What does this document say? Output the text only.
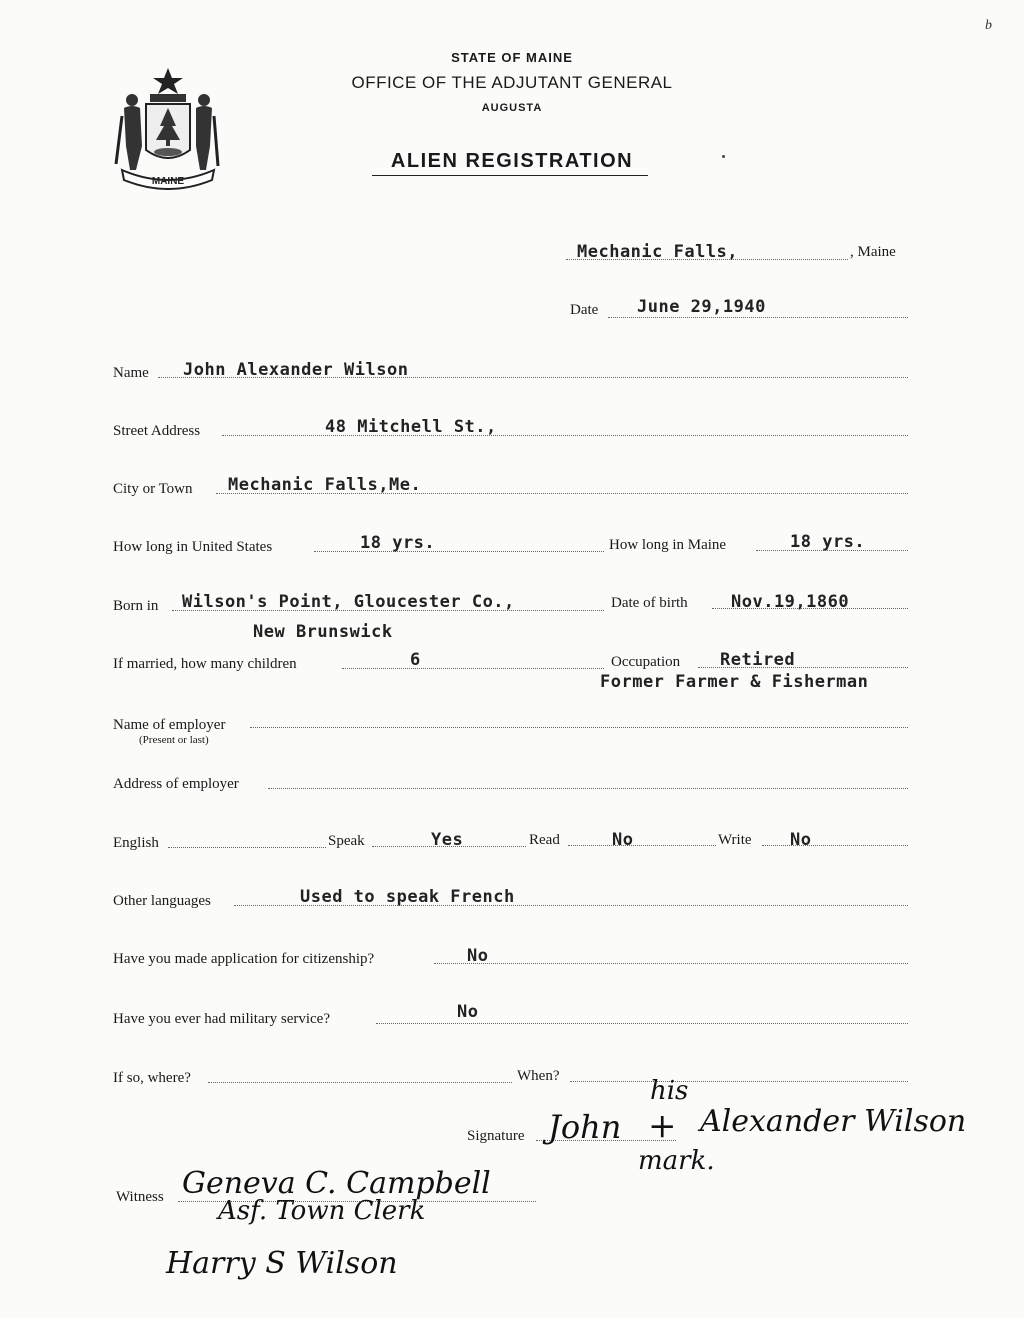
b
MAINE
STATE OF MAINE
OFFICE OF THE ADJUTANT GENERAL
AUGUSTA
ALIEN REGISTRATION
Mechanic Falls,	, Maine
Date June 29,1940
Name John Alexander Wilson
Street Address	48 Mitchell St.,
City or Town Mechanic Falls,Me.
How long in United States	18 yrs.	How long in Maine	18 yrs.
Born in Wilson's Point, Gloucester Co.,
New Brunswick
Date of birth	Nov.19,1860
If married, how many children	6	Occupation Retired
Former Farmer & Fisherman
Name of employer
(Present or last)
Address of employer
English	Speak	Yes	Read	No	Write No
Other languages	Used to speak French
Have you made application for citizenship?	No
Have you ever had military service?	No
If so, where?	When?
Signature
his
John + Alexander Wilson
mark.
Witness Geneva C. Campbell
Asf. Town Clerk
Harry S Wilson
